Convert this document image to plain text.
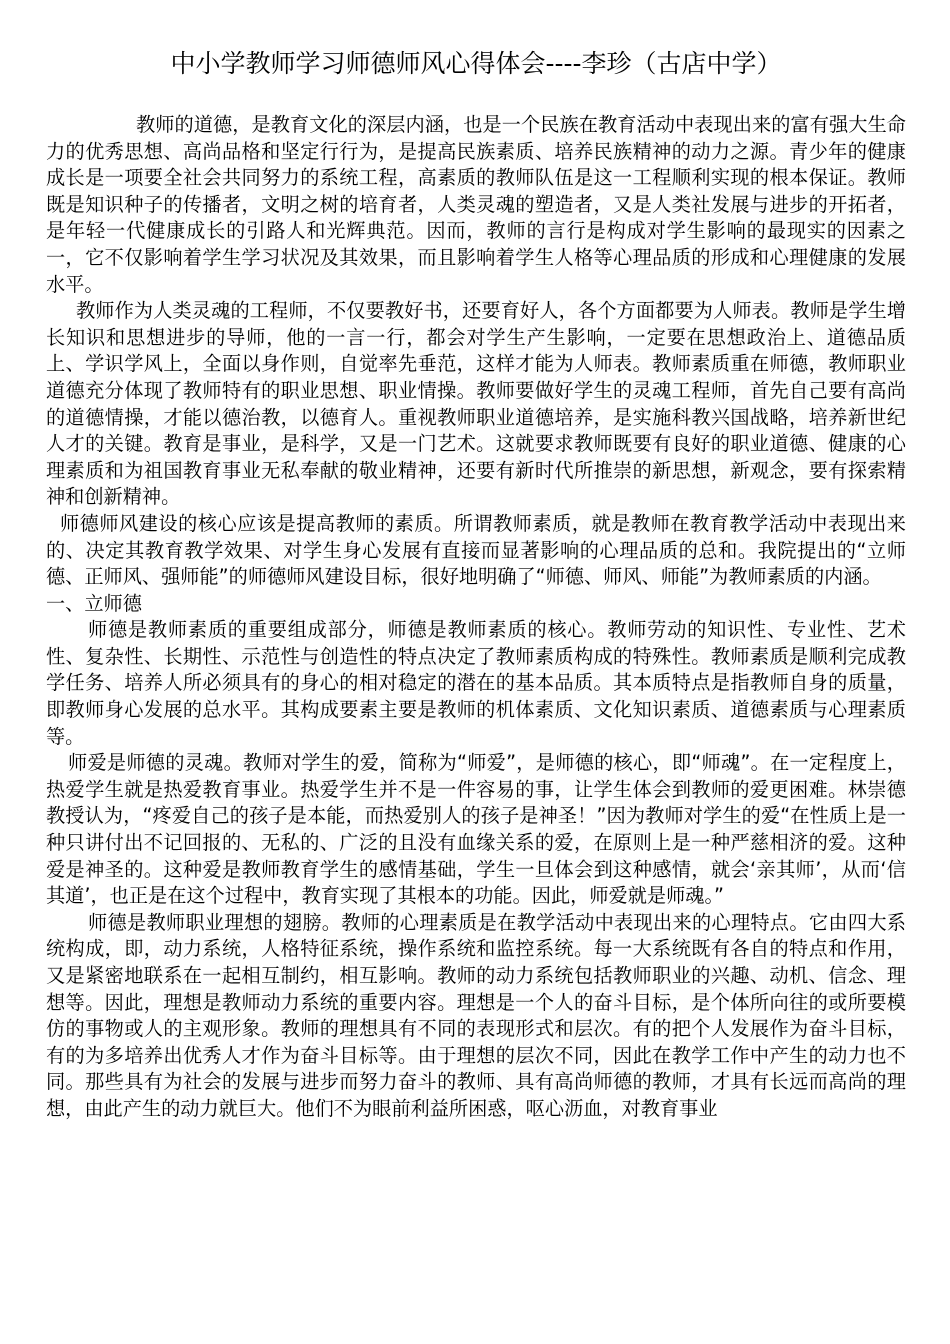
中小学教师学习师德师风心得体会----李珍（古店中学）

教师的道德，是教育文化的深层内涵，也是一个民族在教育活动中表现出来的富有强大生命力的优秀思想、高尚品格和坚定行行为，是提高民族素质、培养民族精神的动力之源。青少年的健康成长是一项要全社会共同努力的系统工程，高素质的教师队伍是这一工程顺利实现的根本保证。教师既是知识种子的传播者，文明之树的培育者，人类灵魂的塑造者，又是人类社发展与进步的开拓者，是年轻一代健康成长的引路人和光辉典范。因而，教师的言行是构成对学生影响的最现实的因素之一，它不仅影响着学生学习状况及其效果，而且影响着学生人格等心理品质的形成和心理健康的发展水平。

教师作为人类灵魂的工程师，不仅要教好书，还要育好人，各个方面都要为人师表。教师是学生增长知识和思想进步的导师，他的一言一行，都会对学生产生影响，一定要在思想政治上、道德品质上、学识学风上，全面以身作则，自觉率先垂范，这样才能为人师表。教师素质重在师德，教师职业道德充分体现了教师特有的职业思想、职业情操。教师要做好学生的灵魂工程师，首先自己要有高尚的道德情操，才能以德治教，以德育人。重视教师职业道德培养，是实施科教兴国战略，培养新世纪人才的关键。教育是事业，是科学，又是一门艺术。这就要求教师既要有良好的职业道德、健康的心理素质和为祖国教育事业无私奉献的敬业精神，还要有新时代所推崇的新思想，新观念，要有探索精神和创新精神。

师德师风建设的核心应该是提高教师的素质。所谓教师素质，就是教师在教育教学活动中表现出来的、决定其教育教学效果、对学生身心发展有直接而显著影响的心理品质的总和。我院提出的“立师德、正师风、强师能”的师德师风建设目标，很好地明确了“师德、师风、师能”为教师素质的内涵。

一、立师德

师德是教师素质的重要组成部分，师德是教师素质的核心。教师劳动的知识性、专业性、艺术性、复杂性、长期性、示范性与创造性的特点决定了教师素质构成的特殊性。教师素质是顺利完成教学任务、培养人所必须具有的身心的相对稳定的潜在的基本品质。其本质特点是指教师自身的质量，即教师身心发展的总水平。其构成要素主要是教师的机体素质、文化知识素质、道德素质与心理素质等。

师爱是师德的灵魂。教师对学生的爱，简称为“师爱”，是师德的核心，即“师魂”。在一定程度上，热爱学生就是热爱教育事业。热爱学生并不是一件容易的事，让学生体会到教师的爱更困难。林崇德教授认为，“疼爱自己的孩子是本能，而热爱别人的孩子是神圣！”因为教师对学生的爱“在性质上是一种只讲付出不记回报的、无私的、广泛的且没有血缘关系的爱，在原则上是一种严慈相济的爱。这种爱是神圣的。这种爱是教师教育学生的感情基础，学生一旦体会到这种感情，就会‘亲其师’，从而‘信其道’，也正是在这个过程中，教育实现了其根本的功能。因此，师爱就是师魂。”

师德是教师职业理想的翅膀。教师的心理素质是在教学活动中表现出来的心理特点。它由四大系统构成，即，动力系统，人格特征系统，操作系统和监控系统。每一大系统既有各自的特点和作用，又是紧密地联系在一起相互制约，相互影响。教师的动力系统包括教师职业的兴趣、动机、信念、理想等。因此，理想是教师动力系统的重要内容。理想是一个人的奋斗目标，是个体所向往的或所要模仿的事物或人的主观形象。教师的理想具有不同的表现形式和层次。有的把个人发展作为奋斗目标，有的为多培养出优秀人才作为奋斗目标等。由于理想的层次不同，因此在教学工作中产生的动力也不同。那些具有为社会的发展与进步而努力奋斗的教师、具有高尚师德的教师，才具有长远而高尚的理想，由此产生的动力就巨大。他们不为眼前利益所困惑，呕心沥血，对教育事业
